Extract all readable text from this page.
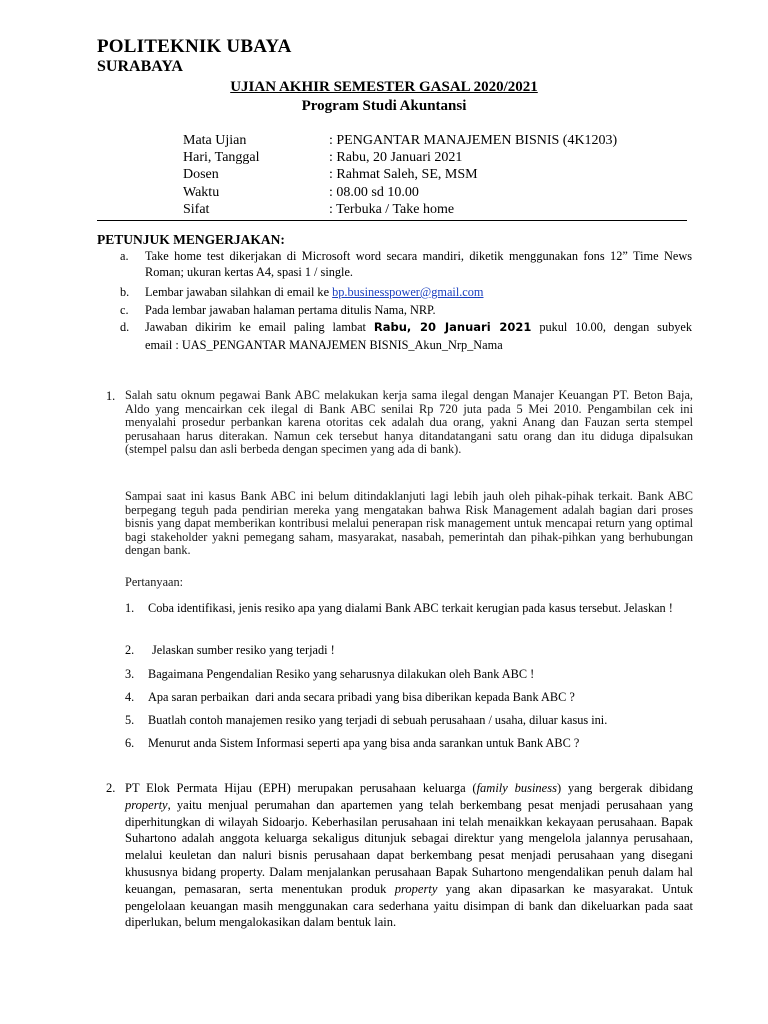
POLITEKNIK UBAYA
SURABAYA
UJIAN AKHIR SEMESTER GASAL 2020/2021
Program Studi Akuntansi
Mata Ujian	: PENGANTAR MANAJEMEN BISNIS (4K1203)
Hari, Tanggal	: Rabu, 20 Januari 2021
Dosen	: Rahmat Saleh, SE, MSM
Waktu	: 08.00 sd 10.00
Sifat	: Terbuka / Take home
PETUNJUK MENGERJAKAN:
a.	Take home test dikerjakan di Microsoft word secara mandiri, diketik menggunakan fons 12” Time News Roman; ukuran kertas A4, spasi 1 / single.
b.	Lembar jawaban silahkan di email ke bp.businesspower@gmail.com
c.	Pada lembar jawaban halaman pertama ditulis Nama, NRP.
d.	Jawaban dikirim ke email paling lambat Rabu, 20 Januari 2021 pukul 10.00, dengan subyek
email : UAS_PENGANTAR MANAJEMEN BISNIS_Akun_Nrp_Nama
1. Salah satu oknum pegawai Bank ABC melakukan kerja sama ilegal dengan Manajer Keuangan PT. Beton Baja, Aldo yang mencairkan cek ilegal di Bank ABC senilai Rp 720 juta pada 5 Mei 2010. Pengambilan cek ini menyalahi prosedur perbankan karena otoritas cek adalah dua orang, yakni Anang dan Fauzan serta stempel perusahaan harus diterakan. Namun cek tersebut hanya ditandatangani satu orang dan itu diduga dipalsukan (stempel palsu dan asli berbeda dengan specimen yang ada di bank).
Sampai saat ini kasus Bank ABC ini belum ditindaklanjuti lagi lebih jauh oleh pihak-pihak terkait. Bank ABC berpegang teguh pada pendirian mereka yang mengatakan bahwa Risk Management adalah bagian dari proses bisnis yang dapat memberikan kontribusi melalui penerapan risk management untuk mencapai return yang optimal bagi stakeholder yakni pemegang saham, masyarakat, nasabah, pemerintah dan pihak-pihkan yang berhubungan dengan bank.
Pertanyaan:
1.	Coba identifikasi, jenis resiko apa yang dialami Bank ABC terkait kerugian pada kasus tersebut. Jelaskan !
2.	Jelaskan sumber resiko yang terjadi !
3.	Bagaimana Pengendalian Resiko yang seharusnya dilakukan oleh Bank ABC !
4.	Apa saran perbaikan  dari anda secara pribadi yang bisa diberikan kepada Bank ABC ?
5.	Buatlah contoh manajemen resiko yang terjadi di sebuah perusahaan / usaha, diluar kasus ini.
6.	Menurut anda Sistem Informasi seperti apa yang bisa anda sarankan untuk Bank ABC ?
2. PT Elok Permata Hijau (EPH) merupakan perusahaan keluarga (family business) yang bergerak dibidang property, yaitu menjual perumahan dan apartemen yang telah berkembang pesat menjadi perusahaan yang diperhitungkan di wilayah Sidoarjo. Keberhasilan perusahaan ini telah menaikkan kekayaan perusahaan. Bapak Suhartono adalah anggota keluarga sekaligus ditunjuk sebagai direktur yang mengelola jalannya perusahaan, melalui keuletan dan naluri bisnis perusahaan dapat berkembang pesat menjadi perusahaan yang disegani khususnya bidang property. Dalam menjalankan perusahaan Bapak Suhartono mengendalikan penuh dalam hal keuangan, pemasaran, serta menentukan produk property yang akan dipasarkan ke masyarakat. Untuk pengelolaan keuangan masih menggunakan cara sederhana yaitu disimpan di bank dan dikeluarkan pada saat diperlukan, belum mengalokasikan dalam bentuk lain.
